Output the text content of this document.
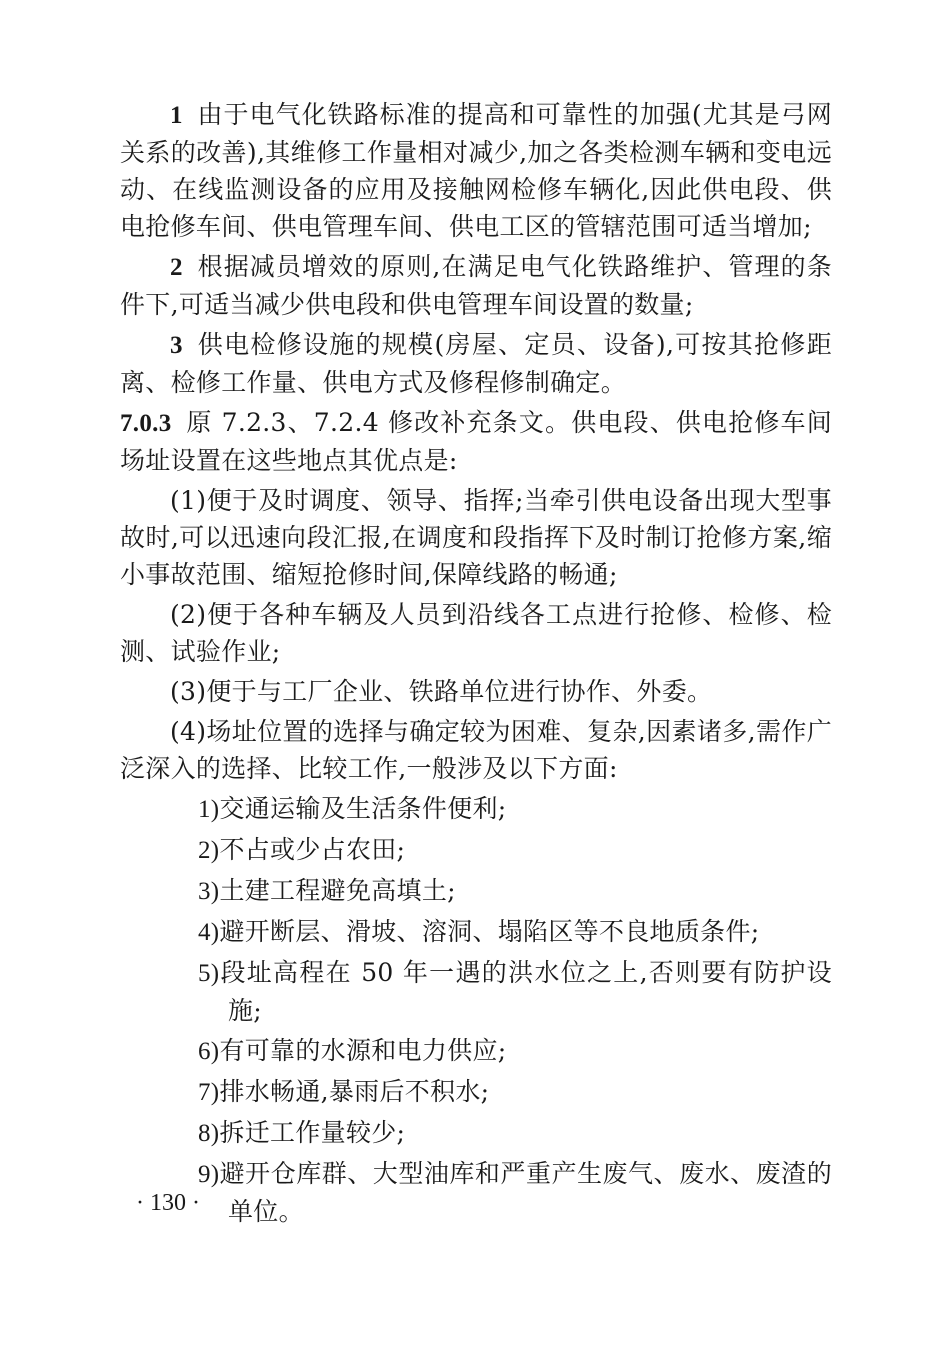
1 由于电气化铁路标准的提高和可靠性的加强(尤其是弓网关系的改善),其维修工作量相对减少,加之各类检测车辆和变电远动、在线监测设备的应用及接触网检修车辆化,因此供电段、供电抢修车间、供电管理车间、供电工区的管辖范围可适当增加;

2 根据减员增效的原则,在满足电气化铁路维护、管理的条件下,可适当减少供电段和供电管理车间设置的数量;

3 供电检修设施的规模(房屋、定员、设备),可按其抢修距离、检修工作量、供电方式及修程修制确定。

7.0.3 原 7.2.3、7.2.4 修改补充条文。供电段、供电抢修车间场址设置在这些地点其优点是:

(1)便于及时调度、领导、指挥;当牵引供电设备出现大型事故时,可以迅速向段汇报,在调度和段指挥下及时制订抢修方案,缩小事故范围、缩短抢修时间,保障线路的畅通;

(2)便于各种车辆及人员到沿线各工点进行抢修、检修、检测、试验作业;

(3)便于与工厂企业、铁路单位进行协作、外委。

(4)场址位置的选择与确定较为困难、复杂,因素诸多,需作广泛深入的选择、比较工作,一般涉及以下方面:

1)交通运输及生活条件便利;

2)不占或少占农田;

3)土建工程避免高填土;

4)避开断层、滑坡、溶洞、塌陷区等不良地质条件;

5)段址高程在 50 年一遇的洪水位之上,否则要有防护设施;

6)有可靠的水源和电力供应;

7)排水畅通,暴雨后不积水;

8)拆迁工作量较少;

9)避开仓库群、大型油库和严重产生废气、废水、废渣的单位。

· 130 ·
